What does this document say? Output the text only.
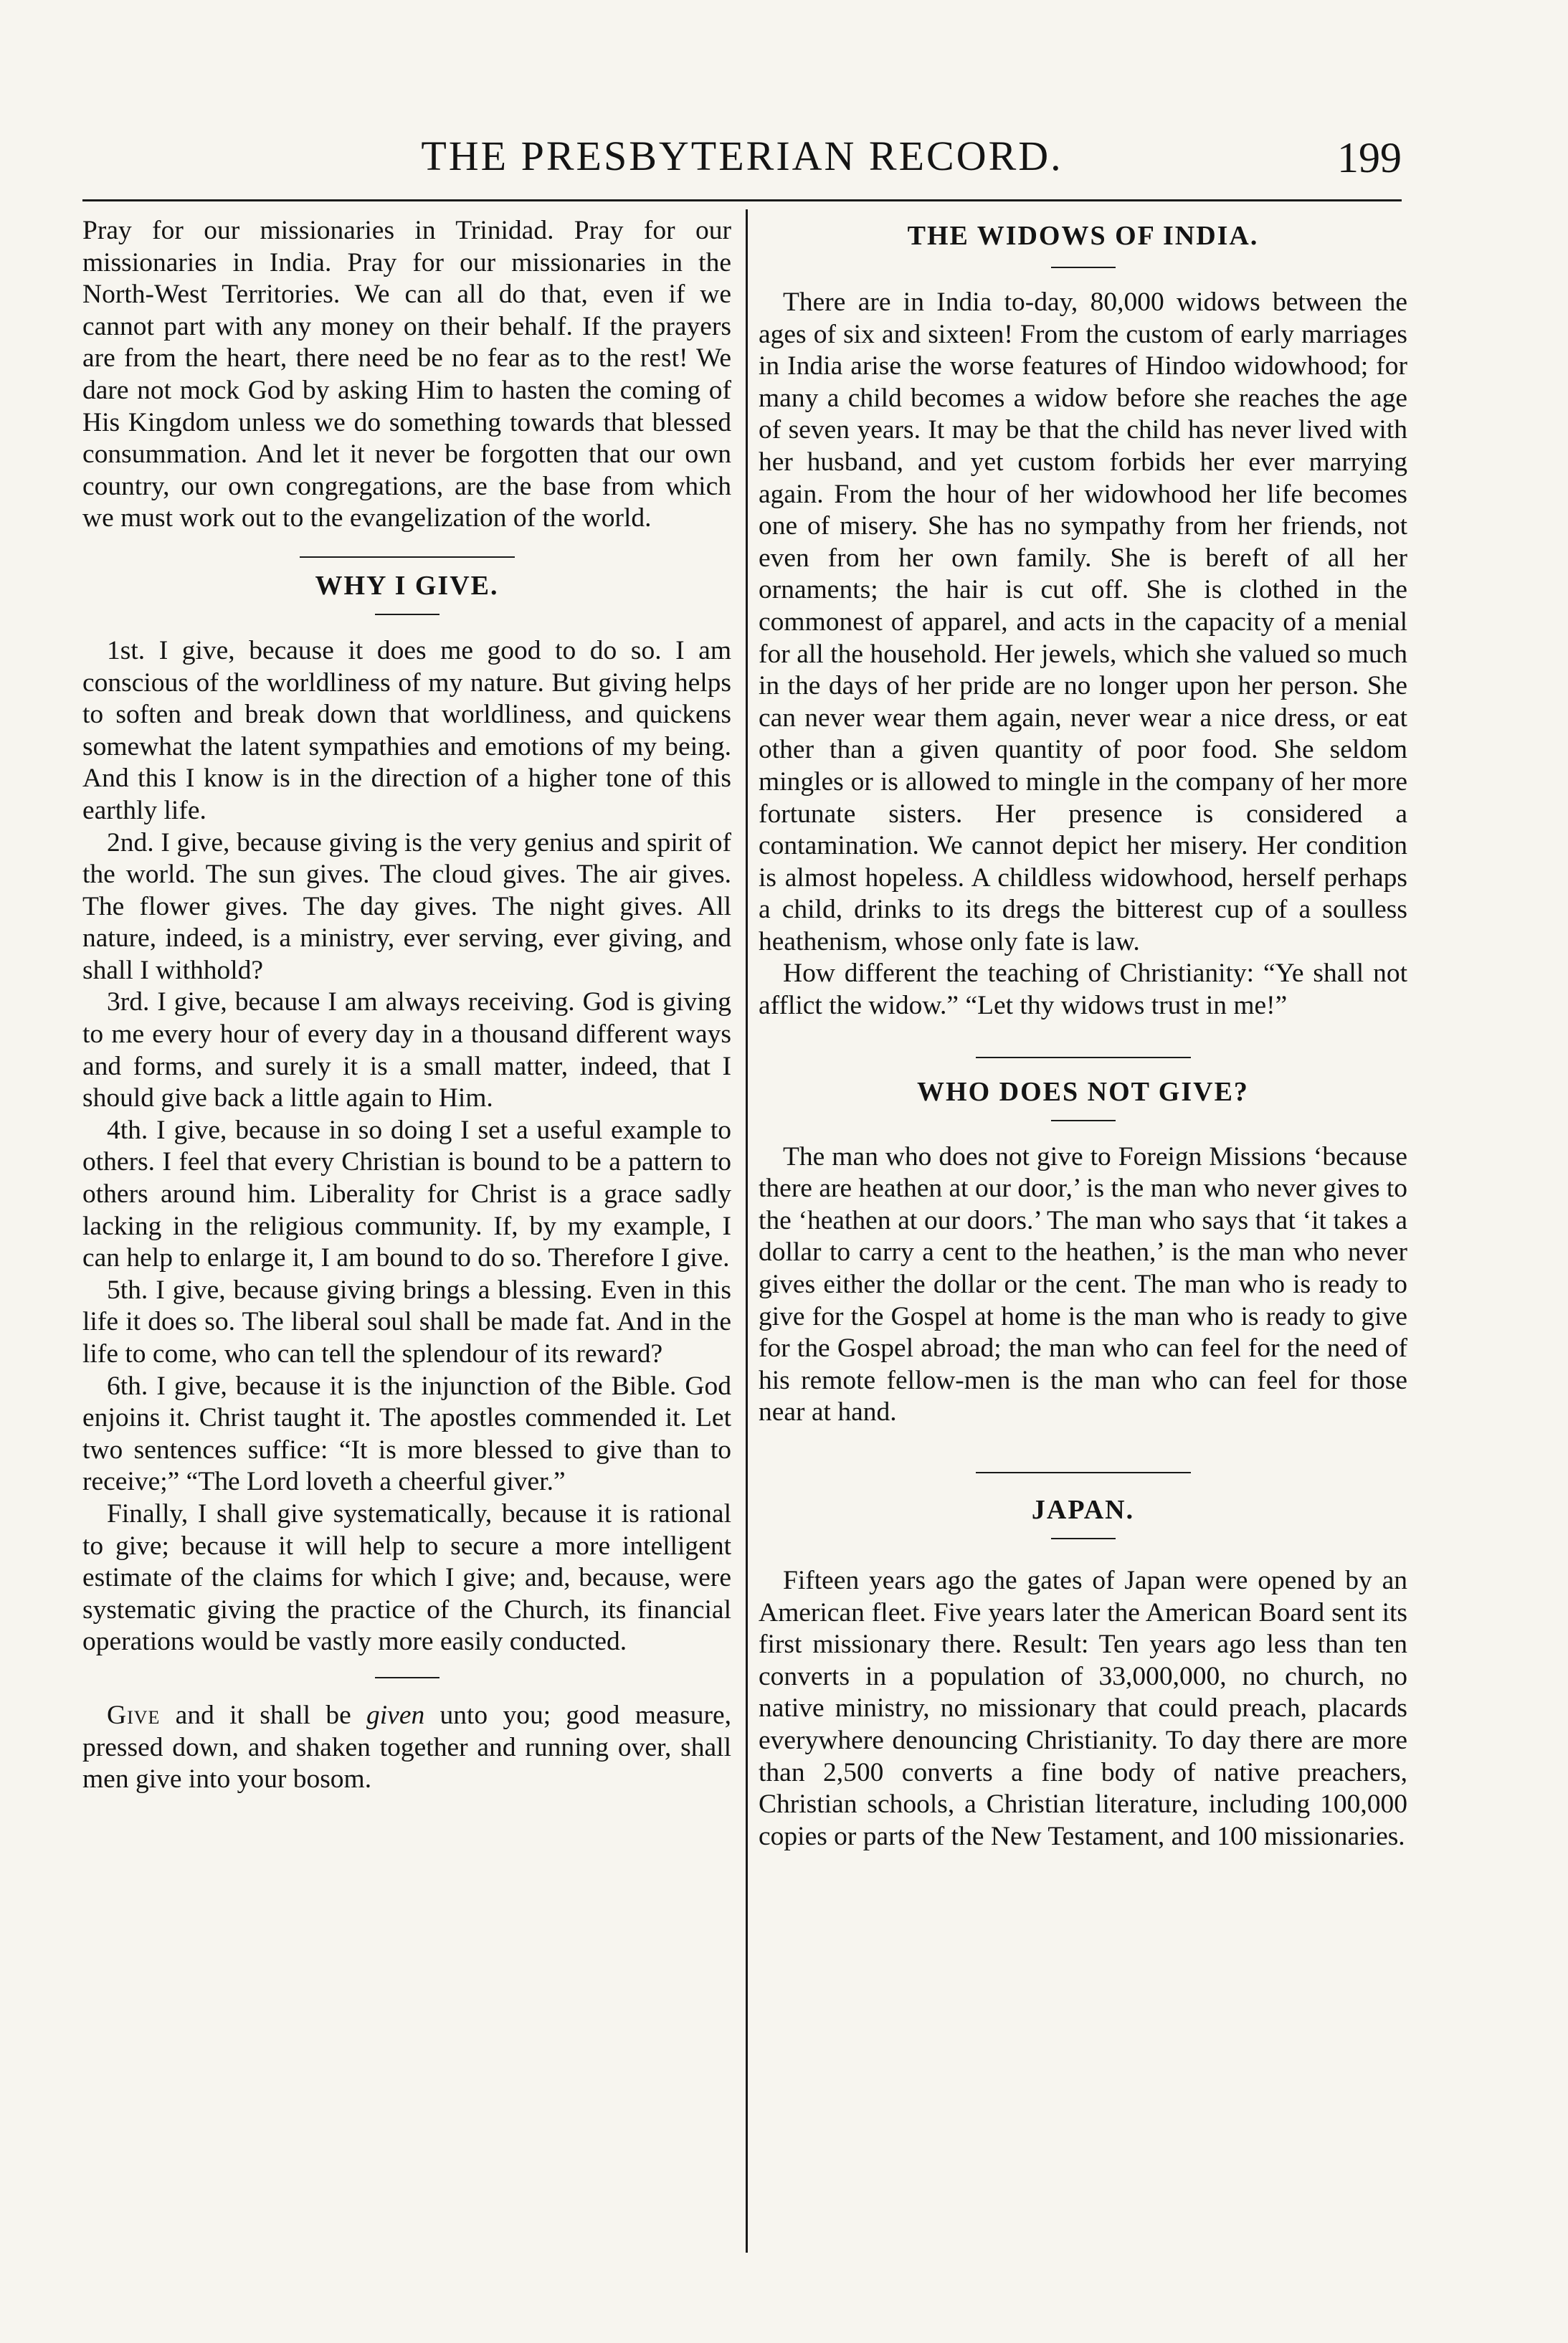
THE PRESBYTERIAN RECORD.	199

Pray for our missionaries in Trinidad. Pray for our missionaries in India. Pray for our missionaries in the North-West Territories. We can all do that, even if we cannot part with any money on their behalf. If the prayers are from the heart, there need be no fear as to the rest! We dare not mock God by asking Him to hasten the coming of His Kingdom unless we do something towards that blessed consummation. And let it never be forgotten that our own country, our own congregations, are the base from which we must work out to the evangelization of the world.

WHY I GIVE.

1st. I give, because it does me good to do so. I am conscious of the worldliness of my nature. But giving helps to soften and break down that worldliness, and quickens somewhat the latent sympathies and emotions of my being. And this I know is in the direction of a higher tone of this earthly life.

2nd. I give, because giving is the very genius and spirit of the world. The sun gives. The cloud gives. The air gives. The flower gives. The day gives. The night gives. All nature, indeed, is a ministry, ever serving, ever giving, and shall I withhold?

3rd. I give, because I am always receiving. God is giving to me every hour of every day in a thousand different ways and forms, and surely it is a small matter, indeed, that I should give back a little again to Him.

4th. I give, because in so doing I set a useful example to others. I feel that every Christian is bound to be a pattern to others around him. Liberality for Christ is a grace sadly lacking in the religious community. If, by my example, I can help to enlarge it, I am bound to do so. Therefore I give.

5th. I give, because giving brings a blessing. Even in this life it does so. The liberal soul shall be made fat. And in the life to come, who can tell the splendour of its reward?

6th. I give, because it is the injunction of the Bible. God enjoins it. Christ taught it. The apostles commended it. Let two sentences suffice: “It is more blessed to give than to receive;” “The Lord loveth a cheerful giver.”

Finally, I shall give systematically, because it is rational to give; because it will help to secure a more intelligent estimate of the claims for which I give; and, because, were systematic giving the practice of the Church, its financial operations would be vastly more easily conducted.

Give and it shall be given unto you; good measure, pressed down, and shaken together and running over, shall men give into your bosom.

THE WIDOWS OF INDIA.

There are in India to-day, 80,000 widows between the ages of six and sixteen! From the custom of early marriages in India arise the worse features of Hindoo widowhood; for many a child becomes a widow before she reaches the age of seven years. It may be that the child has never lived with her husband, and yet custom forbids her ever marrying again. From the hour of her widowhood her life becomes one of misery. She has no sympathy from her friends, not even from her own family. She is bereft of all her ornaments; the hair is cut off. She is clothed in the commonest of apparel, and acts in the capacity of a menial for all the household. Her jewels, which she valued so much in the days of her pride are no longer upon her person. She can never wear them again, never wear a nice dress, or eat other than a given quantity of poor food. She seldom mingles or is allowed to mingle in the company of her more fortunate sisters. Her presence is considered a contamination. We cannot depict her misery. Her condition is almost hopeless. A childless widowhood, herself perhaps a child, drinks to its dregs the bitterest cup of a soulless heathenism, whose only fate is law.

How different the teaching of Christianity: “Ye shall not afflict the widow.” “Let thy widows trust in me!”

WHO DOES NOT GIVE?

The man who does not give to Foreign Missions ‘because there are heathen at our door,’ is the man who never gives to the ‘heathen at our doors.’ The man who says that ‘it takes a dollar to carry a cent to the heathen,’ is the man who never gives either the dollar or the cent. The man who is ready to give for the Gospel at home is the man who is ready to give for the Gospel abroad; the man who can feel for the need of his remote fellow-men is the man who can feel for those near at hand.

JAPAN.

Fifteen years ago the gates of Japan were opened by an American fleet. Five years later the American Board sent its first missionary there. Result: Ten years ago less than ten converts in a population of 33,000,000, no church, no native ministry, no missionary that could preach, placards everywhere denouncing Christianity. To day there are more than 2,500 converts a fine body of native preachers, Christian schools, a Christian literature, including 100,000 copies or parts of the New Testament, and 100 missionaries.
